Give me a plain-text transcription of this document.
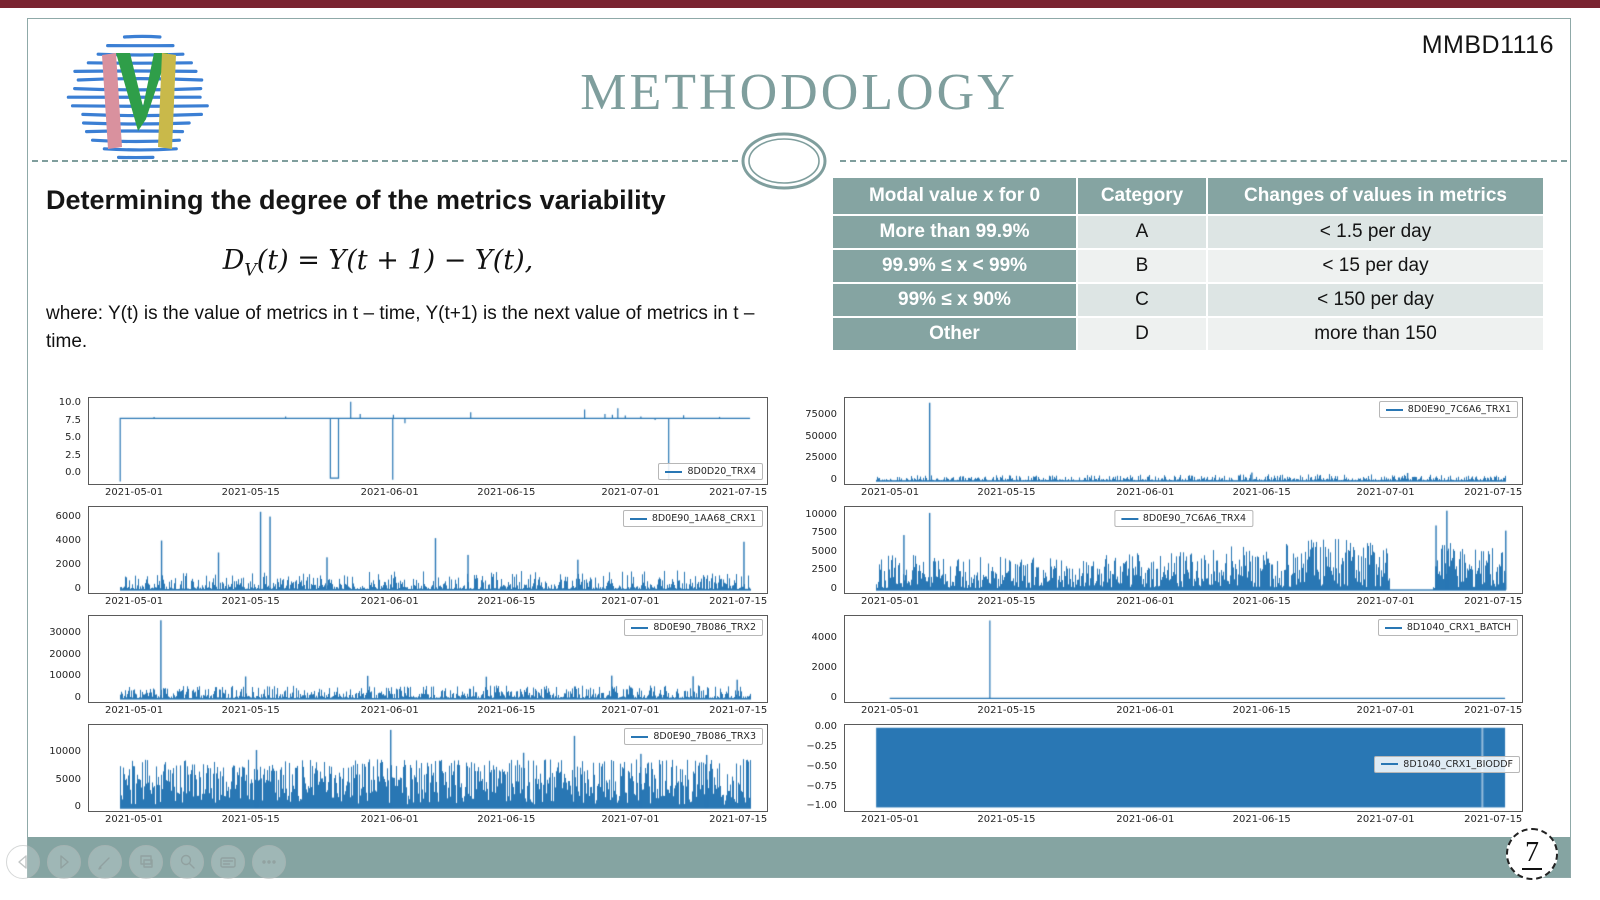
MMBD1116
METHODOLOGY
Determining the degree of the metrics variability
$D_V(t) = Y(t + 1) - Y(t)$,
where: Y(t) is the value of metrics in t – time, Y(t+1) is the next value of metrics in t – time.
Modal value x for 0	Category	Changes of values in metrics
More than 99.9%	A	< 1.5 per day
99.9% ≤ x < 99%	B	< 15 per day
99% ≤ x 90%	C	< 150 per day
Other	D	more than 150
0.0
2.5
5.0
7.5
10.0
8D0D20_TRX4
2021-05-01	2021-05-15	2021-06-01	2021-06-15	2021-07-01	2021-07-15
0
2000
4000
6000	8D0E90_1AA68_CRX1
2021-05-01	2021-05-15	2021-06-01	2021-06-15	2021-07-01	2021-07-15
0
10000
20000
30000	8D0E90_7B086_TRX2
2021-05-01	2021-05-15	2021-06-01	2021-06-15	2021-07-01	2021-07-15
0
5000
10000
8D0E90_7B086_TRX3
2021-05-01	2021-05-15	2021-06-01	2021-06-15	2021-07-01	2021-07-15
0
25000
50000
75000	8D0E90_7C6A6_TRX1
2021-05-01	2021-05-15	2021-06-01	2021-06-15	2021-07-01	2021-07-15
0
2500
5000
7500
10000	8D0E90_7C6A6_TRX4
2021-05-01	2021-05-15	2021-06-01	2021-06-15	2021-07-01	2021-07-15
0
2000
4000
8D1040_CRX1_BATCH
2021-05-01	2021-05-15	2021-06-01	2021-06-15	2021-07-01	2021-07-15
0.00
−0.25
−0.50
−0.75
−1.00
8D1040_CRX1_BIODDF
2021-05-01	2021-05-15	2021-06-01	2021-06-15	2021-07-01	2021-07-15
7
